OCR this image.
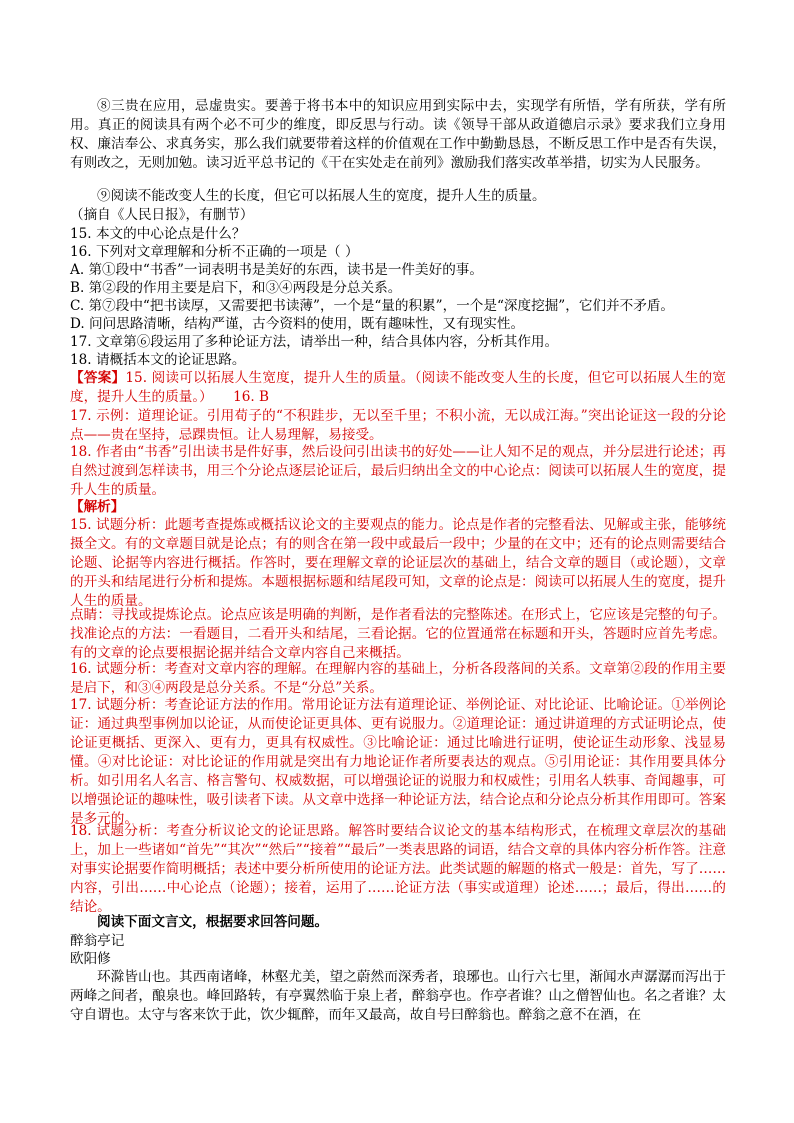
⑧三贵在应用，忌虚贵实。要善于将书本中的知识应用到实际中去，实现学有所悟，学有所获，学有所用。真正的阅读具有两个必不可少的维度，即反思与行动。读《领导干部从政道德启示录》要求我们立身用权、廉洁奉公、求真务实，那么我们就要带着这样的价值观在工作中勤勤恳恳，不断反思工作中是否有失误，有则改之，无则加勉。读习近平总书记的《干在实处走在前列》激励我们落实改革举措，切实为人民服务。
⑨阅读不能改变人生的长度，但它可以拓展人生的宽度，提升人生的质量。
（摘自《人民日报》，有删节）
15. 本文的中心论点是什么？
16. 下列对文章理解和分析不正确的一项是（ ）
A. 第①段中“书香”一词表明书是美好的东西，读书是一件美好的事。
B. 第②段的作用主要是启下，和③④两段是分总关系。
C. 第⑦段中“把书读厚，又需要把书读薄”，一个是“量的积累”，一个是“深度挖掘”，它们并不矛盾。
D. 问问思路清晰，结构严谨，古今资料的使用，既有趣味性，又有现实性。
17. 文章第⑥段运用了多种论证方法，请举出一种，结合具体内容，分析其作用。
18. 请概括本文的论证思路。
【答案】15. 阅读可以拓展人生宽度，提升人生的质量。（阅读不能改变人生的长度，但它可以拓展人生的宽度，提升人生的质量。）　　16. B
17. 示例：道理论证。引用荀子的“不积跬步，无以至千里；不积小流，无以成江海。”突出论证这一段的分论点——贵在坚持，忌踝贵恒。让人易理解，易接受。
18. 作者由“书香”引出读书是件好事，然后设问引出读书的好处——让人知不足的观点，并分层进行论述；再自然过渡到怎样读书，用三个分论点逐层论证后，最后归纳出全文的中心论点：阅读可以拓展人生的宽度，提升人生的质量。
【解析】
15. 试题分析：此题考查提炼或概括议论文的主要观点的能力。论点是作者的完整看法、见解或主张，能够统摄全文。有的文章题目就是论点；有的则含在第一段中或最后一段中；少量的在文中；还有的论点则需要结合论题、论据等内容进行概括。作答时，要在理解文章的论证层次的基础上，结合文章的题目（或论题），文章的开头和结尾进行分析和提炼。本题根据标题和结尾段可知，文章的论点是：阅读可以拓展人生的宽度，提升人生的质量。
点睛：寻找或提炼论点。论点应该是明确的判断，是作者看法的完整陈述。在形式上，它应该是完整的句子。找准论点的方法：一看题目，二看开头和结尾，三看论据。它的位置通常在标题和开头，答题时应首先考虑。有的文章的论点要根据论据并结合文章内容自己来概括。
16. 试题分析：考查对文章内容的理解。在理解内容的基础上，分析各段落间的关系。文章第②段的作用主要是启下，和③④两段是总分关系。不是“分总”关系。
17. 试题分析：考查论证方法的作用。常用论证方法有道理论证、举例论证、对比论证、比喻论证。①举例论证：通过典型事例加以论证，从而使论证更具体、更有说服力。②道理论证：通过讲道理的方式证明论点，使论证更概括、更深入、更有力，更具有权威性。③比喻论证：通过比喻进行证明，使论证生动形象、浅显易懂。④对比论证：对比论证的作用就是突出有力地论证作者所要表达的观点。⑤引用论证：其作用要具体分析。如引用名人名言、格言警句、权威数据，可以增强论证的说服力和权威性；引用名人轶事、奇闻趣事，可以增强论证的趣味性，吸引读者下读。从文章中选择一种论证方法，结合论点和分论点分析其作用即可。答案是多元的。
18. 试题分析：考查分析议论文的论证思路。解答时要结合议论文的基本结构形式，在梳理文章层次的基础上，加上一些诸如“首先”“其次”“然后”“接着”“最后”一类表思路的词语，结合文章的具体内容分析作答。注意对事实论据要作简明概括；表述中要分析所使用的论证方法。此类试题的解题的格式一般是：首先，写了……内容，引出……中心论点（论题）；接着，运用了……论证方法（事实或道理）论述……；最后，得出……的结论。
阅读下面文言文，根据要求回答问题。
醉翁亭记
欧阳修
环滁皆山也。其西南诸峰，林壑尤美，望之蔚然而深秀者，琅琊也。山行六七里，渐闻水声潺潺而泻出于两峰之间者，酿泉也。峰回路转，有亭翼然临于泉上者，醉翁亭也。作亭者谁？山之僧智仙也。名之者谁？太守自谓也。太守与客来饮于此，饮少辄醉，而年又最高，故自号曰醉翁也。醉翁之意不在酒，在
